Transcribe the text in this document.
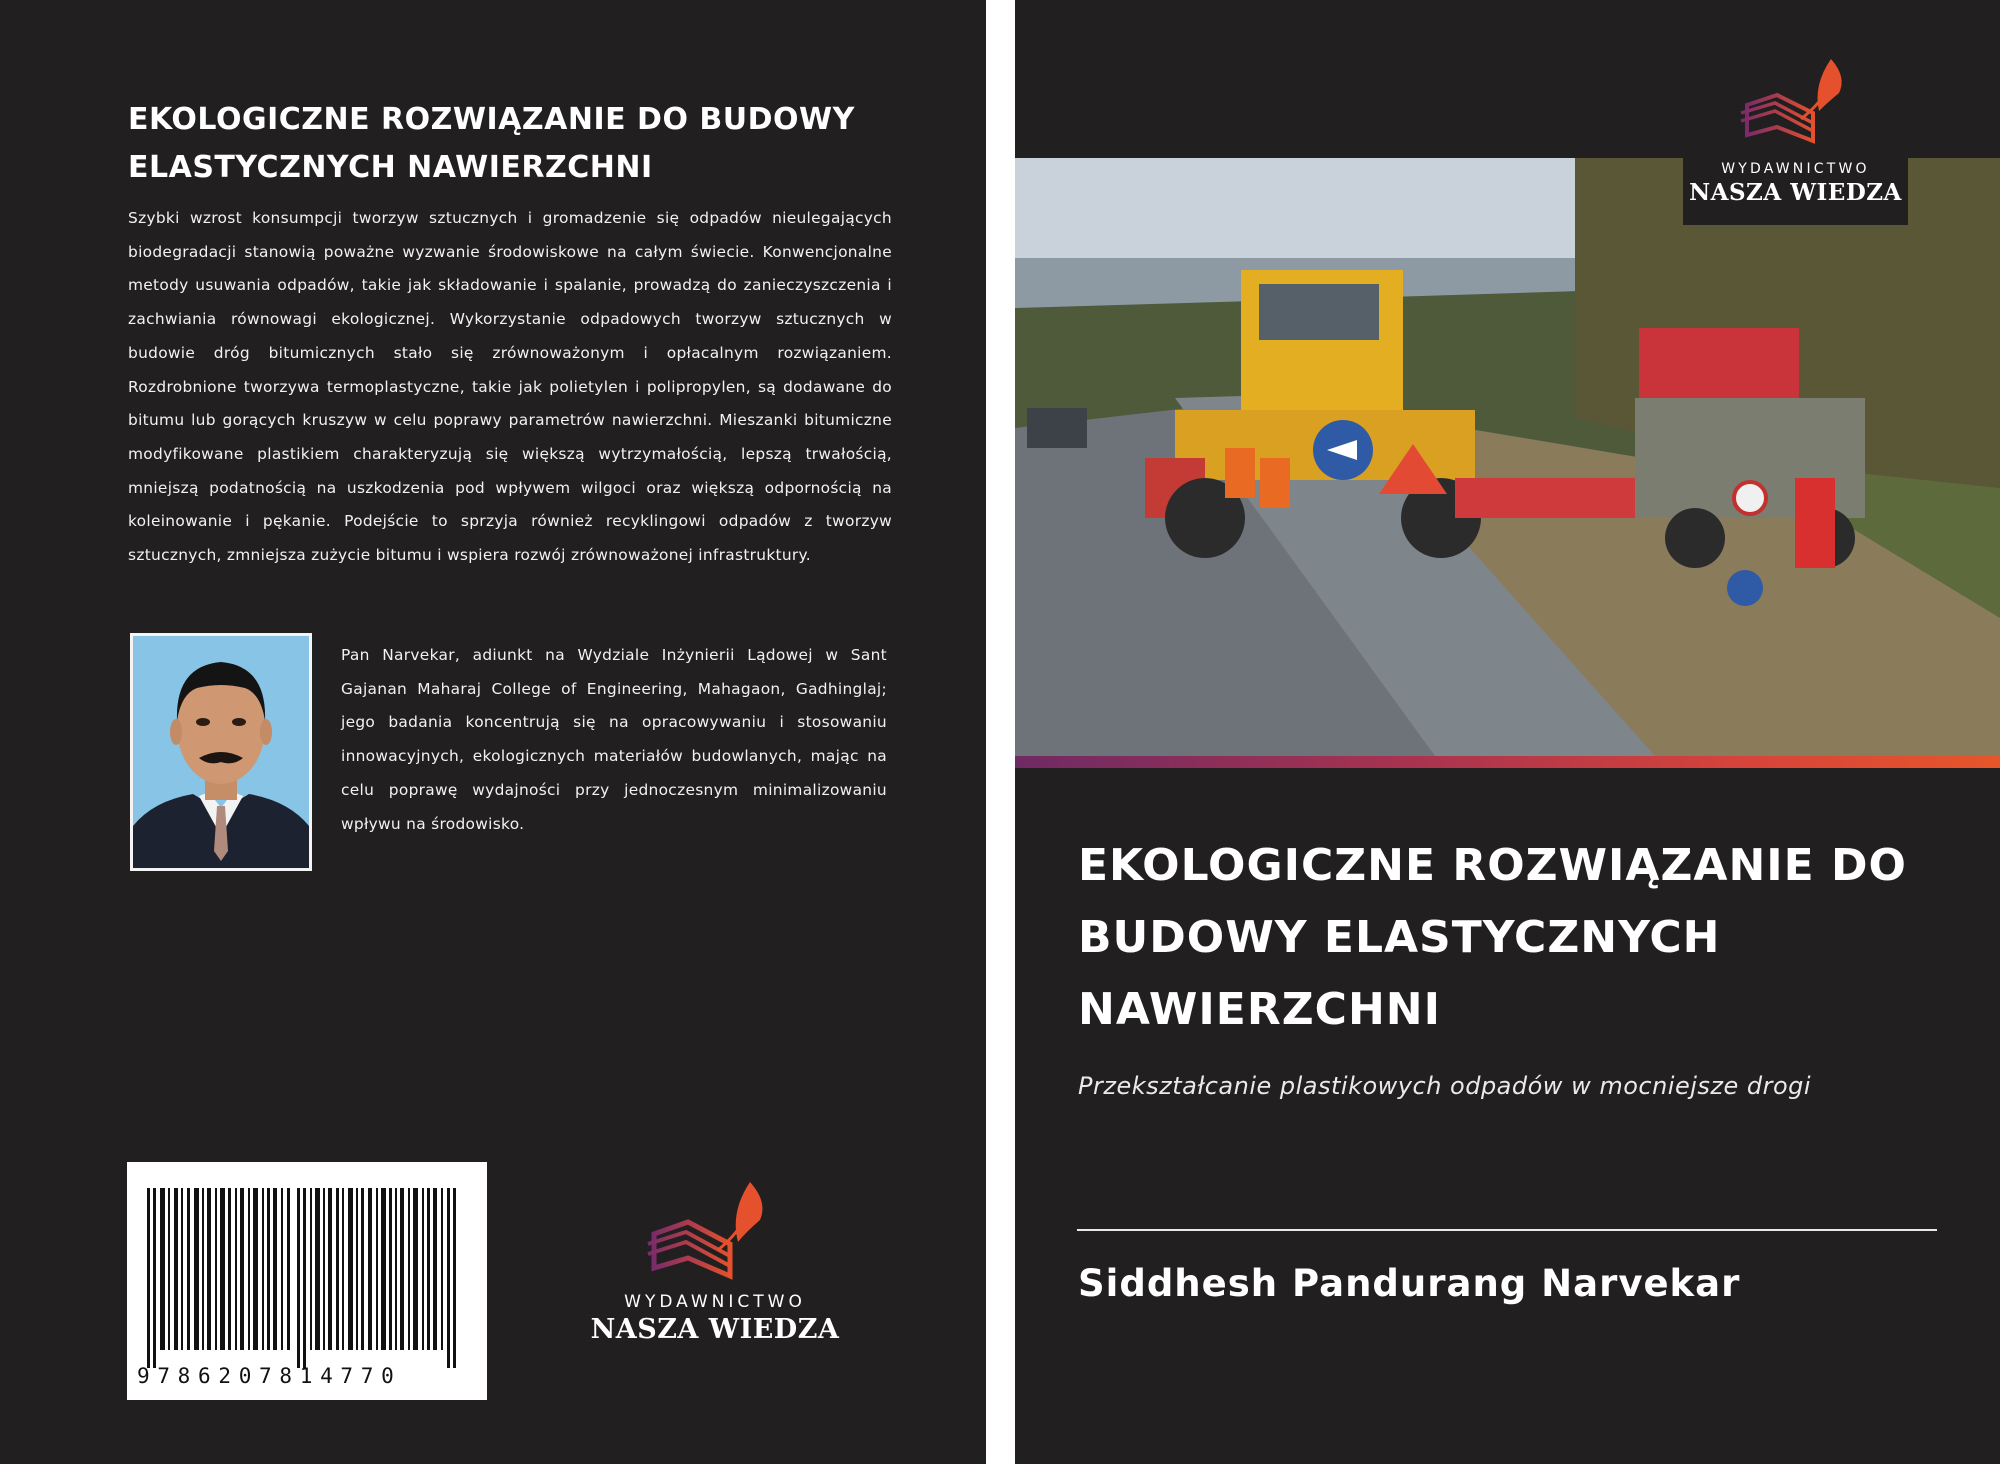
EKOLOGICZNE ROZWIĄZANIE DO BUDOWY ELASTYCZNYCH NAWIERZCHNI

Szybki wzrost konsumpcji tworzyw sztucznych i gromadzenie się odpadów nieulegających biodegradacji stanowią poważne wyzwanie środowiskowe na całym świecie. Konwencjonalne metody usuwania odpadów, takie jak składowanie i spalanie, prowadzą do zanieczyszczenia i zachwiania równowagi ekologicznej. Wykorzystanie odpadowych tworzyw sztucznych w budowie dróg bitumicznych stało się zrównoważonym i opłacalnym rozwiązaniem. Rozdrobnione tworzywa termoplastyczne, takie jak polietylen i polipropylen, są dodawane do bitumu lub gorących kruszyw w celu poprawy parametrów nawierzchni. Mieszanki bitumiczne modyfikowane plastikiem charakteryzują się większą wytrzymałością, lepszą trwałością, mniejszą podatnością na uszkodzenia pod wpływem wilgoci oraz większą odpornością na koleinowanie i pękanie. Podejście to sprzyja również recyklingowi odpadów z tworzyw sztucznych, zmniejsza zużycie bitumu i wspiera rozwój zrównoważonej infrastruktury.

Pan Narvekar, adiunkt na Wydziale Inżynierii Lądowej w Sant Gajanan Maharaj College of Engineering, Mahagaon, Gadhinglaj; jego badania koncentrują się na opracowywaniu i stosowaniu innowacyjnych, ekologicznych materiałów budowlanych, mając na celu poprawę wydajności przy jednoczesnym minimalizowaniu wpływu na środowisko.

9786207814770
WYDAWNICTWO
NASZA WIEDZA
WYDAWNICTWO
NASZA WIEDZA
EKOLOGICZNE ROZWIĄZANIE DO BUDOWY ELASTYCZNYCH NAWIERZCHNI

Przekształcanie plastikowych odpadów w mocniejsze drogi

Siddhesh Pandurang Narvekar
